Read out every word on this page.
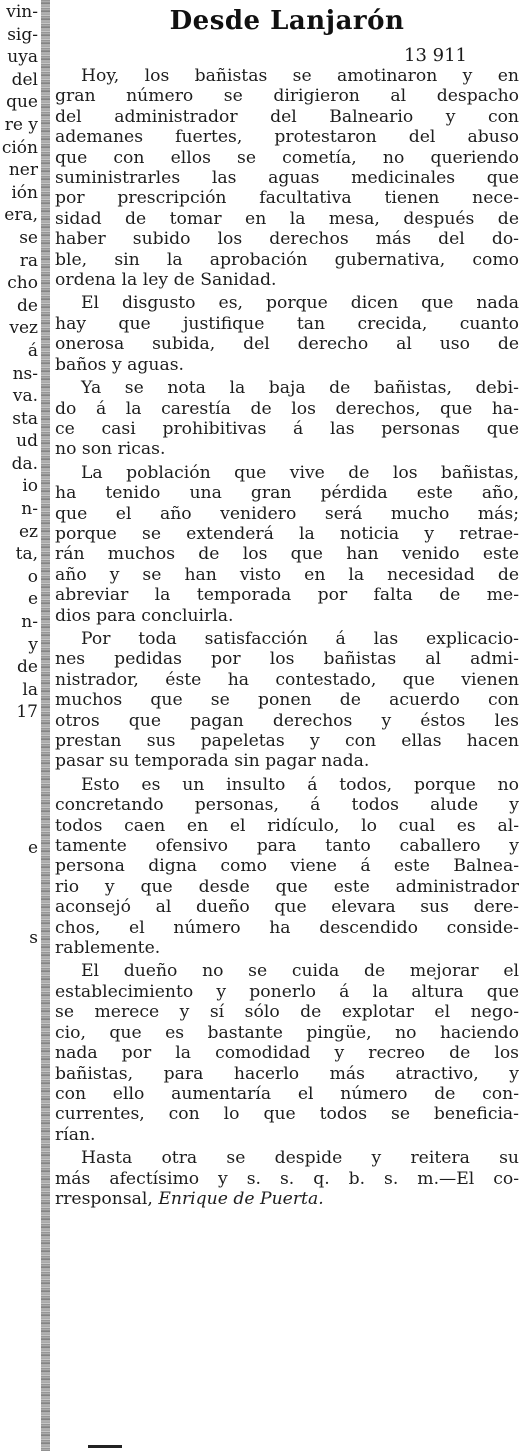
vin-
sig-
uya
del
que
re y
ción
ner
ión
era,
se
ra
cho
de
vez
á
ns-
va.
sta
ud
da.
io
n-
ez
ta,
o
e
n-
y
de
la
17
e
s
Desde Lanjarón
13 911
Hoy, los bañistas se amotinaron y en
gran número se dirigieron al despacho
del administrador del Balneario y con
ademanes fuertes, protestaron del abuso
que con ellos se cometía, no queriendo
suministrarles las aguas medicinales que
por prescripción facultativa tienen nece-
sidad de tomar en la mesa, después de
haber subido los derechos más del do-
ble, sin la aprobación gubernativa, como
ordena la ley de Sanidad.
El disgusto es, porque dicen que nada
hay que justifique tan crecida, cuanto
onerosa subida, del derecho al uso de
baños y aguas.
Ya se nota la baja de bañistas, debi-
do á la carestía de los derechos, que ha-
ce casi prohibitivas á las personas que
no son ricas.
La población que vive de los bañistas,
ha tenido una gran pérdida este año,
que el año venidero será mucho más;
porque se extenderá la noticia y retrae-
rán muchos de los que han venido este
año y se han visto en la necesidad de
abreviar la temporada por falta de me-
dios para concluirla.
Por toda satisfacción á las explicacio-
nes pedidas por los bañistas al admi-
nistrador, éste ha contestado, que vienen
muchos que se ponen de acuerdo con
otros que pagan derechos y éstos les
prestan sus papeletas y con ellas hacen
pasar su temporada sin pagar nada.
Esto es un insulto á todos, porque no
concretando personas, á todos alude y
todos caen en el ridículo, lo cual es al-
tamente ofensivo para tanto caballero y
persona digna como viene á este Balnea-
rio y que desde que este administrador
aconsejó al dueño que elevara sus dere-
chos, el número ha descendido conside-
rablemente.
El dueño no se cuida de mejorar el
establecimiento y ponerlo á la altura que
se merece y sí sólo de explotar el nego-
cio, que es bastante pingüe, no haciendo
nada por la comodidad y recreo de los
bañistas, para hacerlo más atractivo, y
con ello aumentaría el número de con-
currentes, con lo que todos se beneficia-
rían.
Hasta otra se despide y reitera su
más afectísimo y s. s. q. b. s. m.—El co-
rresponsal, Enrique de Puerta.
